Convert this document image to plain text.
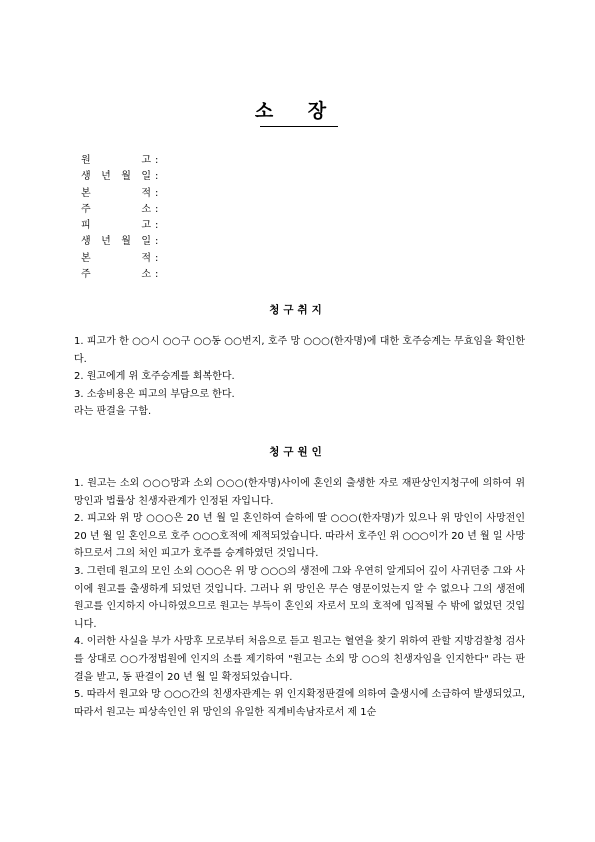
소 장
원	고 :
생 년 월 일 :
본	적 :
주	소 :
피	고 :
생 년 월 일 :
본	적 :
주	소 :
청구취지

1. 피고가 한 ○○시 ○○구 ○○동 ○○번지, 호주 망 ○○○(한자명)에 대한 호주승계는 무효임을 확인한다.

2. 원고에게 위 호주승계를 회복한다.

3. 소송비용은 피고의 부담으로 한다.

라는 판결을 구함.

청구원인

1. 원고는 소외 ○○○망과 소외 ○○○(한자명)사이에 혼인외 출생한 자로 재판상인지청구에 의하여 위 망인과 법률상 친생자관계가 인정된 자입니다.

2. 피고와 위 망 ○○○은 20 년 월 일 혼인하여 슬하에 딸 ○○○(한자명)가 있으나 위 망인이 사망전인 20 년 월 일 혼인으로 호주 ○○○호적에 제적되었습니다. 따라서 호주인 위 ○○○이가 20 년 월 일 사망하므로서 그의 처인 피고가 호주를 승계하였던 것입니다.

3. 그런데 원고의 모인 소외 ○○○은 위 망 ○○○의 생전에 그와 우연히 알게되어 깊이 사귀던중 그와 사이에 원고를 출생하게 되었던 것입니다. 그러나 위 망인은 무슨 영문이었는지 알 수 없으나 그의 생전에 원고를 인지하지 아니하였으므로 원고는 부득이 혼인외 자로서 모의 호적에 입적될 수 밖에 없었던 것입니다.

4. 이러한 사실을 부가 사망후 모로부터 처음으로 듣고 원고는 혈연을 찾기 위하여 관할 지방검찰청 검사를 상대로 ○○가정법원에 인지의 소를 제기하여 "원고는 소외 망 ○○의 친생자임을 인지한다" 라는 판결을 받고, 동 판결이 20 년 월 일 확정되었습니다.

5. 따라서 원고와 망 ○○○간의 친생자관계는 위 인지확정판결에 의하여 출생시에 소급하여 발생되었고, 따라서 원고는 피상속인인 위 망인의 유일한 직계비속남자로서 제 1순
